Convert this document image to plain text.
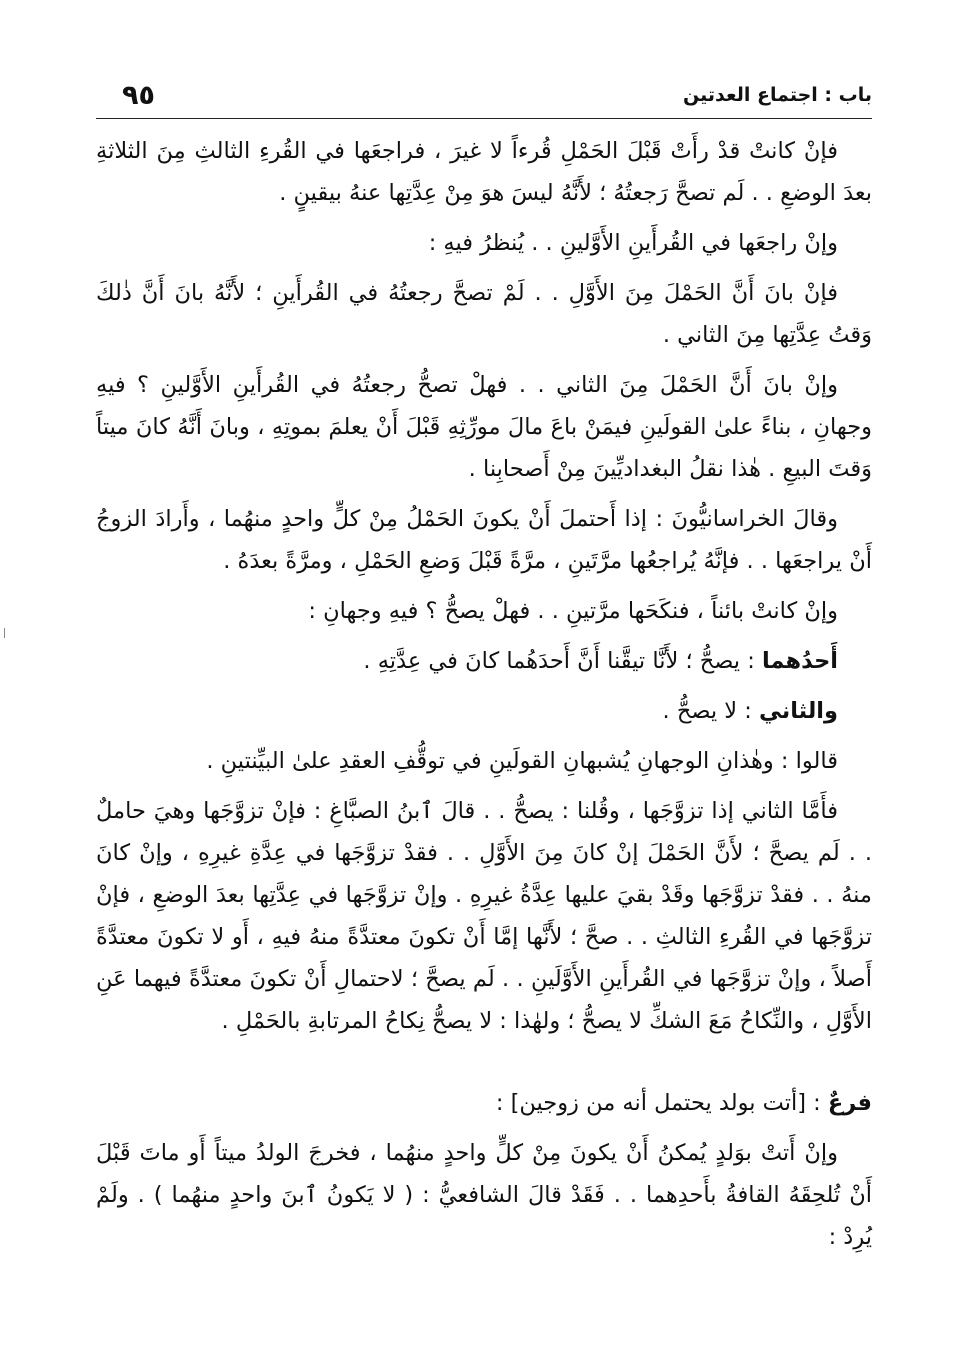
باب : اجتماع العدتين
٩٥

فإنْ كانتْ قدْ رأَتْ قَبْلَ الحَمْلِ قُرءاً لا غيرَ ، فراجعَها في القُرءِ الثالثِ مِنَ الثلاثةِ بعدَ الوضعِ . . لَم تصحَّ رَجعتُهُ ؛ لأَنَّهُ ليسَ هوَ مِنْ عِدَّتِها عنهُ بيقينٍ .

وإنْ راجعَها في القُرأَينِ الأَوَّلينِ . . يُنظرُ فيهِ :

فإنْ بانَ أَنَّ الحَمْلَ مِنَ الأَوَّلِ . . لَمْ تصحَّ رجعتُهُ في القُرأَينِ ؛ لأَنَّهُ بانَ أَنَّ ذٰلكَ وَقتُ عِدَّتِها مِنَ الثاني .

وإنْ بانَ أَنَّ الحَمْلَ مِنَ الثاني . . فهلْ تصحُّ رجعتُهُ في القُرأَينِ الأَوَّلينِ ؟ فيهِ وجهانِ ، بناءً علىٰ القولَينِ فيمَنْ باعَ مالَ مورِّثِهِ قَبْلَ أَنْ يعلمَ بموتِهِ ، وبانَ أَنَّهُ كانَ ميتاً وَقتَ البيعِ . هٰذا نقلُ البغداديِّينَ مِنْ أَصحابِنا .

وقالَ الخراسانيُّونَ : إذا أَحتملَ أَنْ يكونَ الحَمْلُ مِنْ كلٍّ واحدٍ منهُما ، وأَرادَ الزوجُ أَنْ يراجعَها . . فإنَّهُ يُراجعُها مرَّتَينِ ، مرَّةً قَبْلَ وَضعِ الحَمْلِ ، ومرَّةً بعدَهُ .

وإنْ كانتْ بائناً ، فنكَحَها مرَّتينِ . . فهلْ يصحُّ ؟ فيهِ وجهانِ :

أَحدُهما : يصحُّ ؛ لأَنَّا تيقَّنا أَنَّ أَحدَهُما كانَ في عِدَّتِهِ .

والثاني : لا يصحُّ .

قالوا : وهٰذانِ الوجهانِ يُشبهانِ القولَينِ في توقُّفِ العقدِ علىٰ البيِّنتينِ .

فأَمَّا الثاني إذا تزوَّجَها ، وقُلنا : يصحُّ . . قالَ ٱبنُ الصبَّاغِ : فإنْ تزوَّجَها وهيَ حاملٌ . . لَم يصحَّ ؛ لأَنَّ الحَمْلَ إنْ كانَ مِنَ الأَوَّلِ . . فقدْ تزوَّجَها في عِدَّةِ غيرِهِ ، وإنْ كانَ منهُ . . فقدْ تزوَّجَها وقَدْ بقيَ عليها عِدَّةُ غيرِهِ . وإنْ تزوَّجَها في عِدَّتِها بعدَ الوضعِ ، فإنْ تزوَّجَها في القُرءِ الثالثِ . . صحَّ ؛ لأَنَّها إمَّا أَنْ تكونَ معتدَّةً منهُ فيهِ ، أَو لا تكونَ معتدَّةً أَصلاً ، وإنْ تزوَّجَها في القُرأَينِ الأَوَّلَينِ . . لَم يصحَّ ؛ لاحتمالِ أَنْ تكونَ معتدَّةً فيهما عَنِ الأَوَّلِ ، والنِّكاحُ مَعَ الشكِّ لا يصحُّ ؛ ولهٰذا : لا يصحُّ نِكاحُ المرتابةِ بالحَمْلِ .

فرعٌ : [أتت بولد يحتمل أنه من زوجين] :

وإنْ أَتتْ بوَلدٍ يُمكنُ أَنْ يكونَ مِنْ كلٍّ واحدٍ منهُما ، فخرجَ الولدُ ميتاً أَو ماتَ قَبْلَ أَنْ تُلحِقَهُ القافةُ بأَحدِهما . . فَقَدْ قالَ الشافعيُّ : ( لا يَكونُ ٱبنَ واحدٍ منهُما ) . ولَمْ يُرِدْ :
